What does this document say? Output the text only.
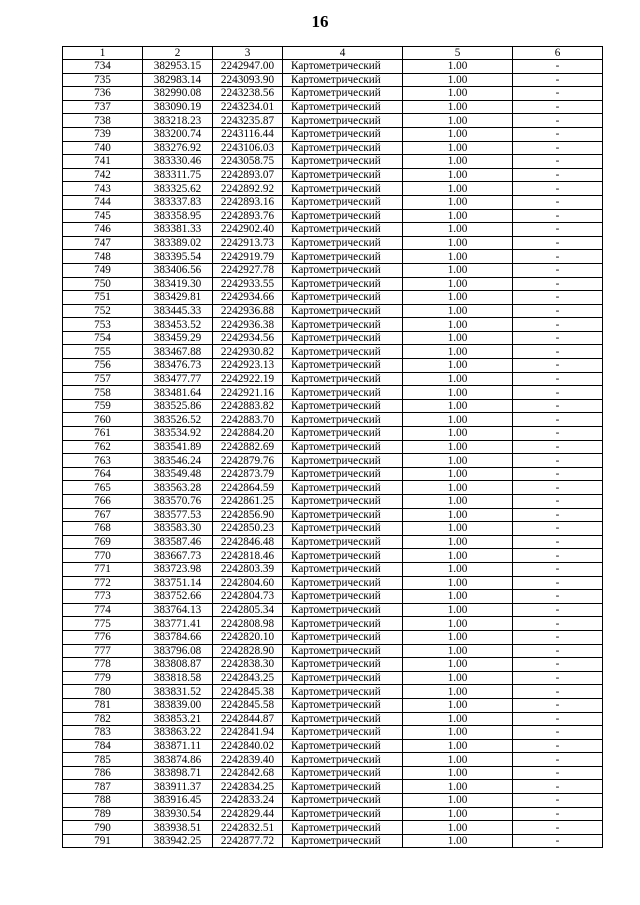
16
1	2	3	4	5	6
734	382953.15	2242947.00	Картометрический	1.00	-
735	382983.14	2243093.90	Картометрический	1.00	-
736	382990.08	2243238.56	Картометрический	1.00	-
737	383090.19	2243234.01	Картометрический	1.00	-
738	383218.23	2243235.87	Картометрический	1.00	-
739	383200.74	2243116.44	Картометрический	1.00	-
740	383276.92	2243106.03	Картометрический	1.00	-
741	383330.46	2243058.75	Картометрический	1.00	-
742	383311.75	2242893.07	Картометрический	1.00	-
743	383325.62	2242892.92	Картометрический	1.00	-
744	383337.83	2242893.16	Картометрический	1.00	-
745	383358.95	2242893.76	Картометрический	1.00	-
746	383381.33	2242902.40	Картометрический	1.00	-
747	383389.02	2242913.73	Картометрический	1.00	-
748	383395.54	2242919.79	Картометрический	1.00	-
749	383406.56	2242927.78	Картометрический	1.00	-
750	383419.30	2242933.55	Картометрический	1.00	-
751	383429.81	2242934.66	Картометрический	1.00	-
752	383445.33	2242936.88	Картометрический	1.00	-
753	383453.52	2242936.38	Картометрический	1.00	-
754	383459.29	2242934.56	Картометрический	1.00	-
755	383467.88	2242930.82	Картометрический	1.00	-
756	383476.73	2242923.13	Картометрический	1.00	-
757	383477.77	2242922.19	Картометрический	1.00	-
758	383481.64	2242921.16	Картометрический	1.00	-
759	383525.86	2242883.82	Картометрический	1.00	-
760	383526.52	2242883.70	Картометрический	1.00	-
761	383534.92	2242884.20	Картометрический	1.00	-
762	383541.89	2242882.69	Картометрический	1.00	-
763	383546.24	2242879.76	Картометрический	1.00	-
764	383549.48	2242873.79	Картометрический	1.00	-
765	383563.28	2242864.59	Картометрический	1.00	-
766	383570.76	2242861.25	Картометрический	1.00	-
767	383577.53	2242856.90	Картометрический	1.00	-
768	383583.30	2242850.23	Картометрический	1.00	-
769	383587.46	2242846.48	Картометрический	1.00	-
770	383667.73	2242818.46	Картометрический	1.00	-
771	383723.98	2242803.39	Картометрический	1.00	-
772	383751.14	2242804.60	Картометрический	1.00	-
773	383752.66	2242804.73	Картометрический	1.00	-
774	383764.13	2242805.34	Картометрический	1.00	-
775	383771.41	2242808.98	Картометрический	1.00	-
776	383784.66	2242820.10	Картометрический	1.00	-
777	383796.08	2242828.90	Картометрический	1.00	-
778	383808.87	2242838.30	Картометрический	1.00	-
779	383818.58	2242843.25	Картометрический	1.00	-
780	383831.52	2242845.38	Картометрический	1.00	-
781	383839.00	2242845.58	Картометрический	1.00	-
782	383853.21	2242844.87	Картометрический	1.00	-
783	383863.22	2242841.94	Картометрический	1.00	-
784	383871.11	2242840.02	Картометрический	1.00	-
785	383874.86	2242839.40	Картометрический	1.00	-
786	383898.71	2242842.68	Картометрический	1.00	-
787	383911.37	2242834.25	Картометрический	1.00	-
788	383916.45	2242833.24	Картометрический	1.00	-
789	383930.54	2242829.44	Картометрический	1.00	-
790	383938.51	2242832.51	Картометрический	1.00	-
791	383942.25	2242877.72	Картометрический	1.00	-
